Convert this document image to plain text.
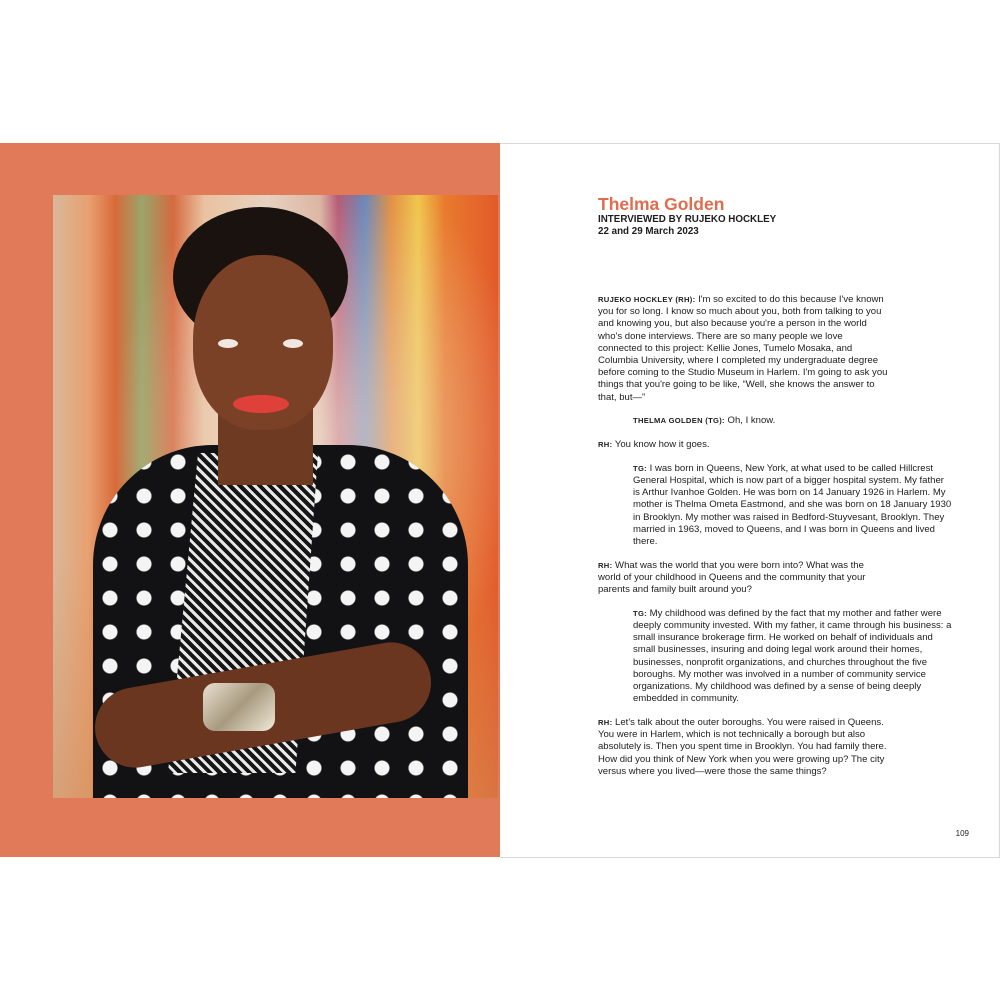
Thelma Golden

INTERVIEWED BY RUJEKO HOCKLEY

22 and 29 March 2023

RUJEKO HOCKLEY (RH): I'm so excited to do this because I've known you for so long. I know so much about you, both from talking to you and knowing you, but also because you're a person in the world who's done interviews. There are so many people we love connected to this project: Kellie Jones, Tumelo Mosaka, and Columbia University, where I completed my undergraduate degree before coming to the Studio Museum in Harlem. I'm going to ask you things that you're going to be like, “Well, she knows the answer to that, but—”

THELMA GOLDEN (TG): Oh, I know.

RH: You know how it goes.

TG: I was born in Queens, New York, at what used to be called Hillcrest General Hospital, which is now part of a bigger hospital system. My father is Arthur Ivanhoe Golden. He was born on 14 January 1926 in Harlem. My mother is Thelma Ometa Eastmond, and she was born on 18 January 1930 in Brooklyn. My mother was raised in Bedford-Stuyvesant, Brooklyn. They married in 1963, moved to Queens, and I was born in Queens and lived there.

RH: What was the world that you were born into? What was the world of your childhood in Queens and the community that your parents and family built around you?

TG: My childhood was defined by the fact that my mother and father were deeply community invested. With my father, it came through his business: a small insurance brokerage firm. He worked on behalf of individuals and small businesses, insuring and doing legal work around their homes, businesses, nonprofit organizations, and churches throughout the five boroughs. My mother was involved in a number of community service organizations. My childhood was defined by a sense of being deeply embedded in community.

RH: Let's talk about the outer boroughs. You were raised in Queens. You were in Harlem, which is not technically a borough but also absolutely is. Then you spent time in Brooklyn. You had family there. How did you think of New York when you were growing up? The city versus where you lived—were those the same things?

109
